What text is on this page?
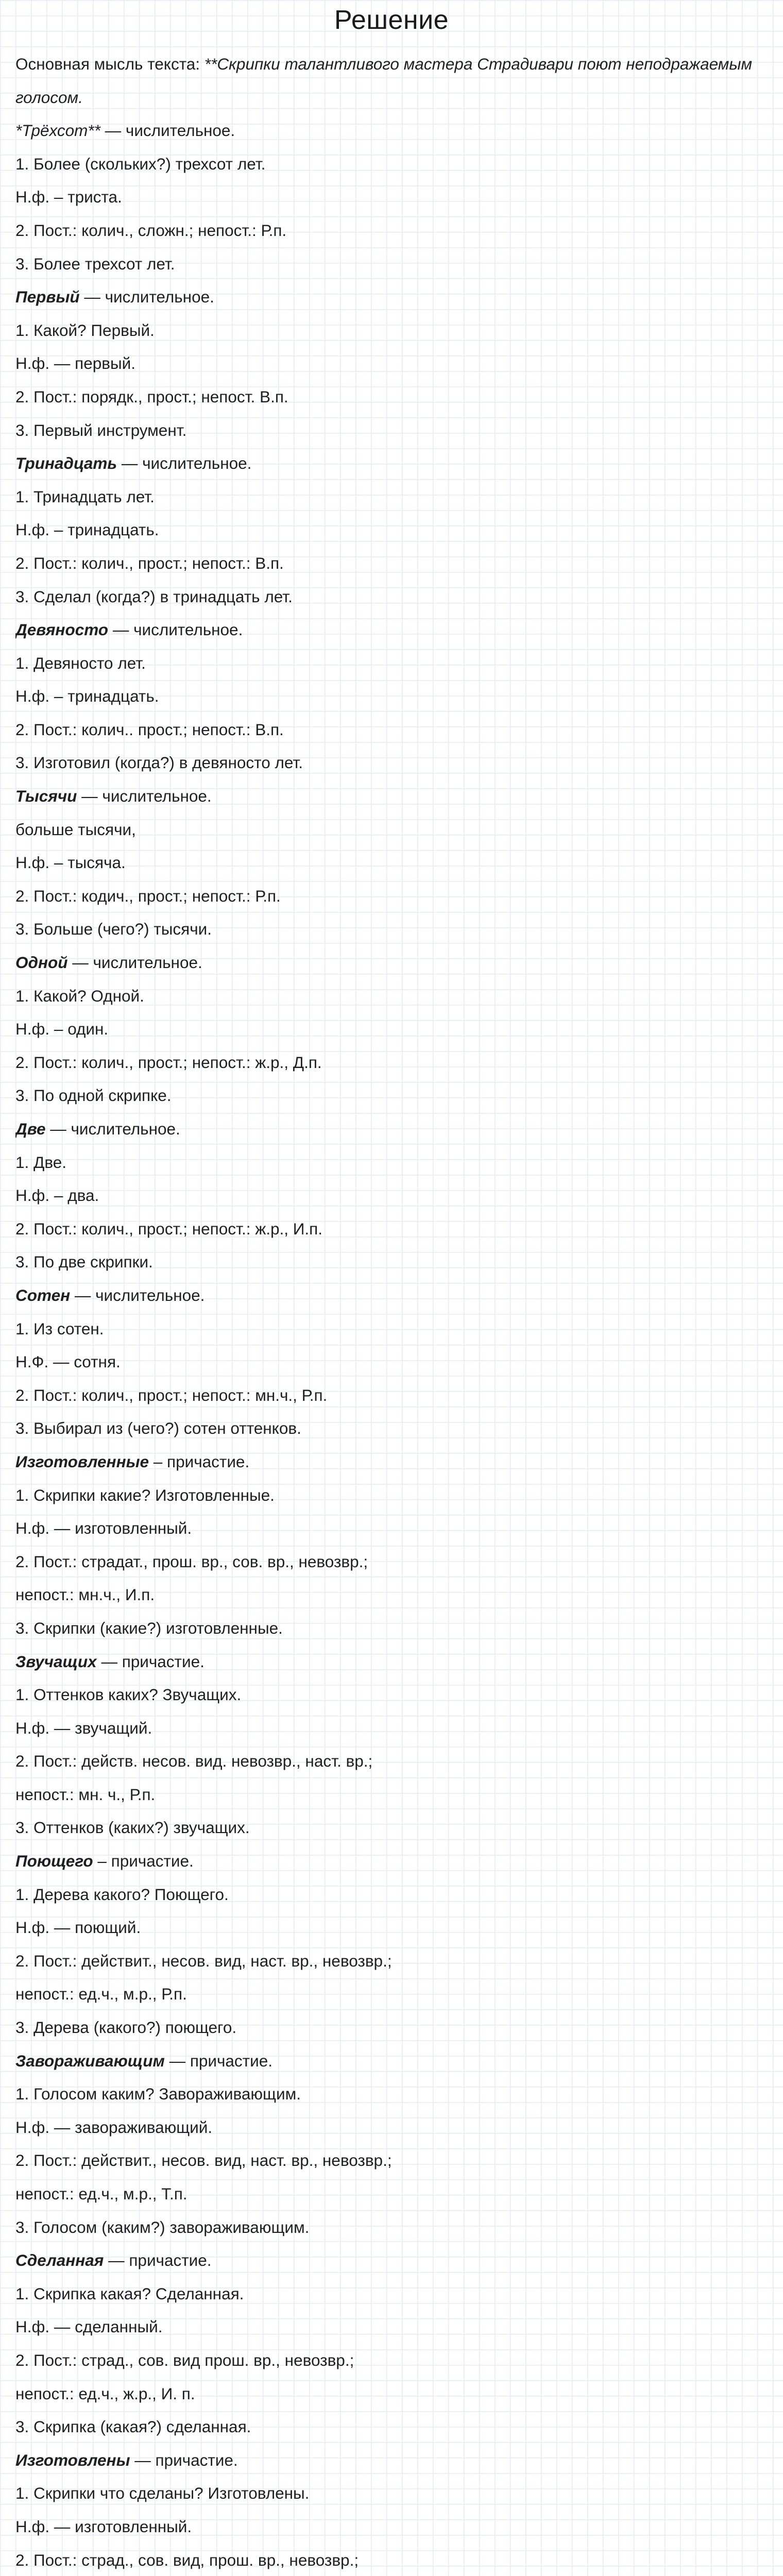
Решение
Основная мысль текста: **Скрипки талантливого мастера Страдивари поют неподражаемым
голосом.
*Трёхсот** — числительное.
1. Более (скольких?) трехсот лет.
Н.ф. – триста.
2. Пост.: колич., сложн.; непост.: Р.п.
3. Более трехсот лет.
Первый — числительное.
1. Какой? Первый.
Н.ф. — первый.
2. Пост.: порядк., прост.; непост. В.п.
3. Первый инструмент.
Тринадцать — числительное.
1. Тринадцать лет.
Н.ф. – тринадцать.
2. Пост.: колич., прост.; непост.: В.п.
3. Сделал (когда?) в тринадцать лет.
Девяносто — числительное.
1. Девяносто лет.
Н.ф. – тринадцать.
2. Пост.: колич.. прост.; непост.: В.п.
3. Изготовил (когда?) в девяносто лет.
Тысячи — числительное.
больше тысячи,
Н.ф. – тысяча.
2. Пост.: кодич., прост.; непост.: Р.п.
3. Больше (чего?) тысячи.
Одной — числительное.
1. Какой? Одной.
Н.ф. – один.
2. Пост.: колич., прост.; непост.: ж.р., Д.п.
3. По одной скрипке.
Две — числительное.
1. Две.
Н.ф. – два.
2. Пост.: колич., прост.; непост.: ж.р., И.п.
3. По две скрипки.
Сотен — числительное.
1. Из сотен.
Н.Ф. — сотня.
2. Пост.: колич., прост.; непост.: мн.ч., Р.п.
3. Выбирал из (чего?) сотен оттенков.
Изготовленные – причастие.
1. Скрипки какие? Изготовленные.
Н.ф. — изготовленный.
2. Пост.: страдат., прош. вр., сов. вр., невозвр.;
непост.: мн.ч., И.п.
3. Скрипки (какие?) изготовленные.
Звучащих — причастие.
1. Оттенков каких? Звучащих.
Н.ф. — звучащий.
2. Пост.: действ. несов. вид. невозвр., наст. вр.;
непост.: мн. ч., Р.п.
3. Оттенков (каких?) звучащих.
Поющего – причастие.
1. Дерева какого? Поющего.
Н.ф. — поющий.
2. Пост.: действит., несов. вид, наст. вр., невозвр.;
непост.: ед.ч., м.р., Р.п.
3. Дерева (какого?) поющего.
Завораживающим — причастие.
1. Голосом каким? Завораживающим.
Н.ф. — завораживающий.
2. Пост.: действит., несов. вид, наст. вр., невозвр.;
непост.: ед.ч., м.р., Т.п.
3. Голосом (каким?) завораживающим.
Сделанная — причастие.
1. Скрипка какая? Сделанная.
Н.ф. — сделанный.
2. Пост.: страд., сов. вид прош. вр., невозвр.;
непост.: ед.ч., ж.р., И. п.
3. Скрипка (какая?) сделанная.
Изготовлены — причастие.
1. Скрипки что сделаны? Изготовлены.
Н.ф. — изготовленный.
2. Пост.: страд., сов. вид, прош. вр., невозвр.;
